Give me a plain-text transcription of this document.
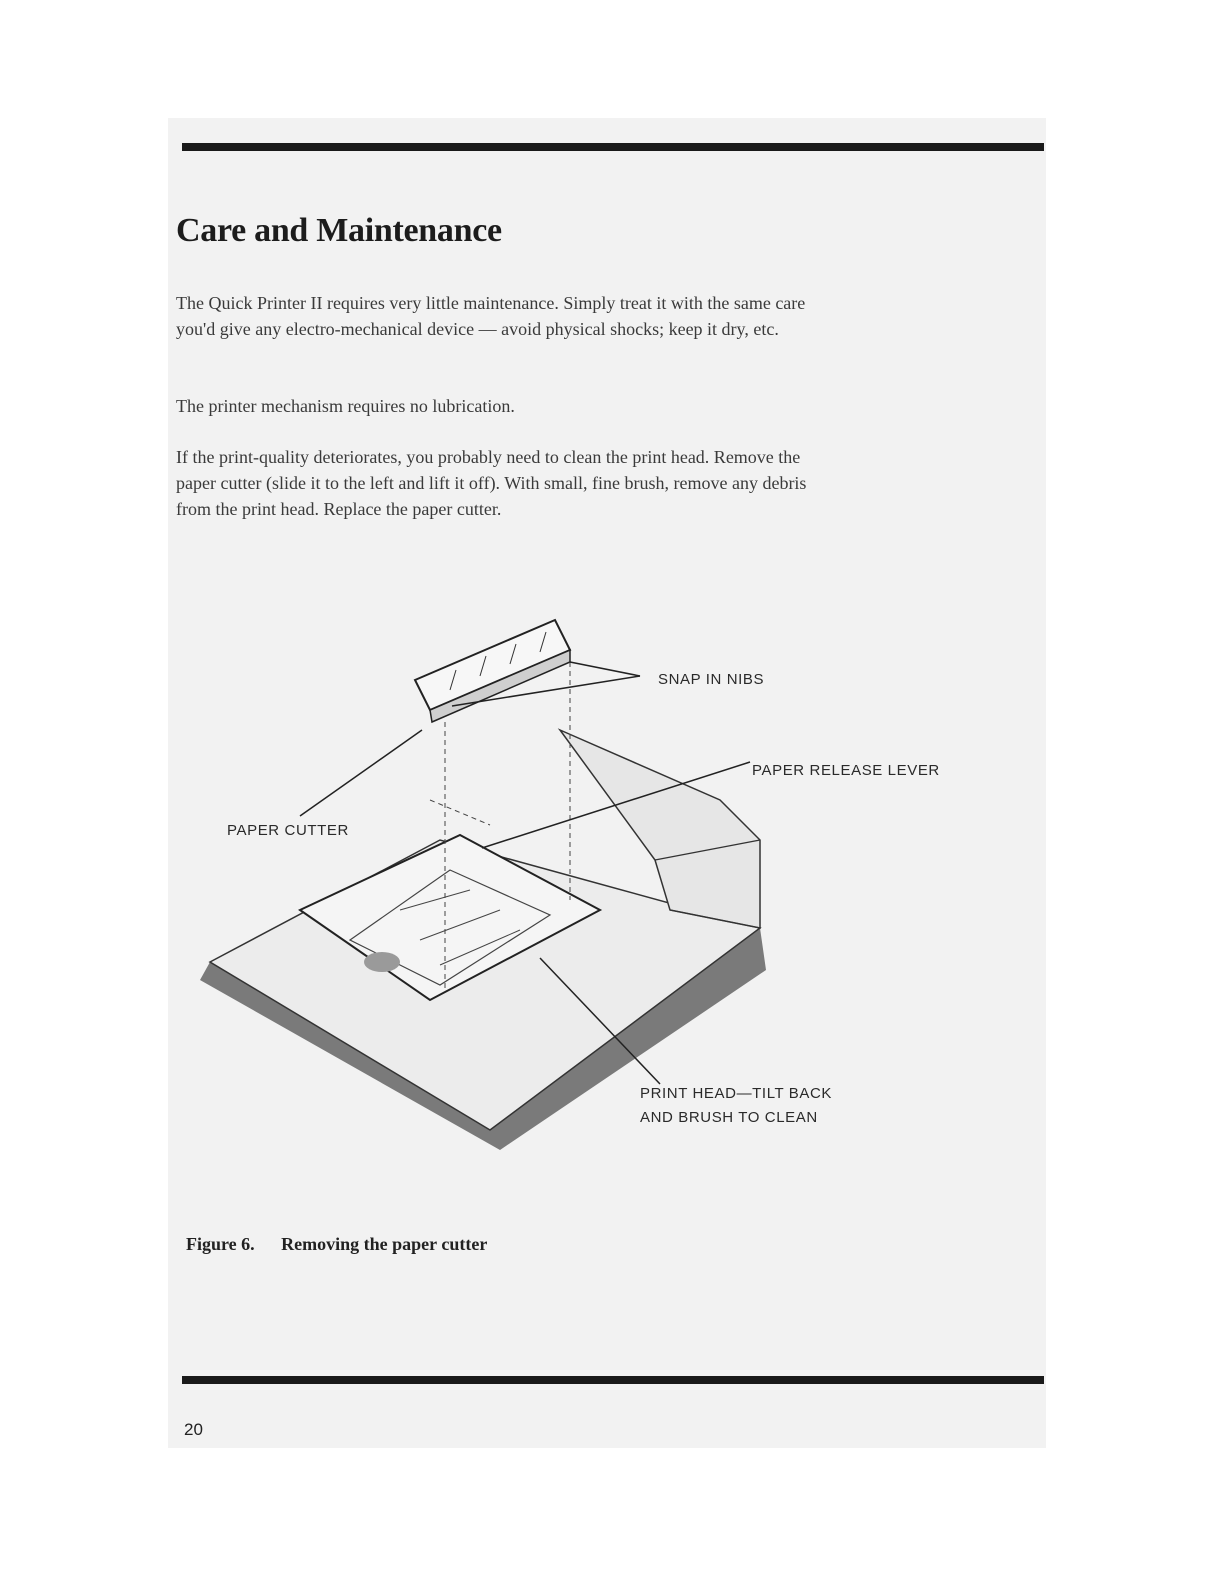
Care and Maintenance

The Quick Printer II requires very little maintenance. Simply treat it with the same care you'd give any electro-mechanical device — avoid physical shocks; keep it dry, etc.

The printer mechanism requires no lubrication.

If the print-quality deteriorates, you probably need to clean the print head. Remove the paper cutter (slide it to the left and lift it off). With small, fine brush, remove any debris from the print head. Replace the paper cutter.

SNAP IN NIBS
PAPER RELEASE LEVER
PAPER CUTTER
PRINT HEAD—TILT BACK
AND BRUSH TO CLEAN

Figure 6. Removing the paper cutter

20
